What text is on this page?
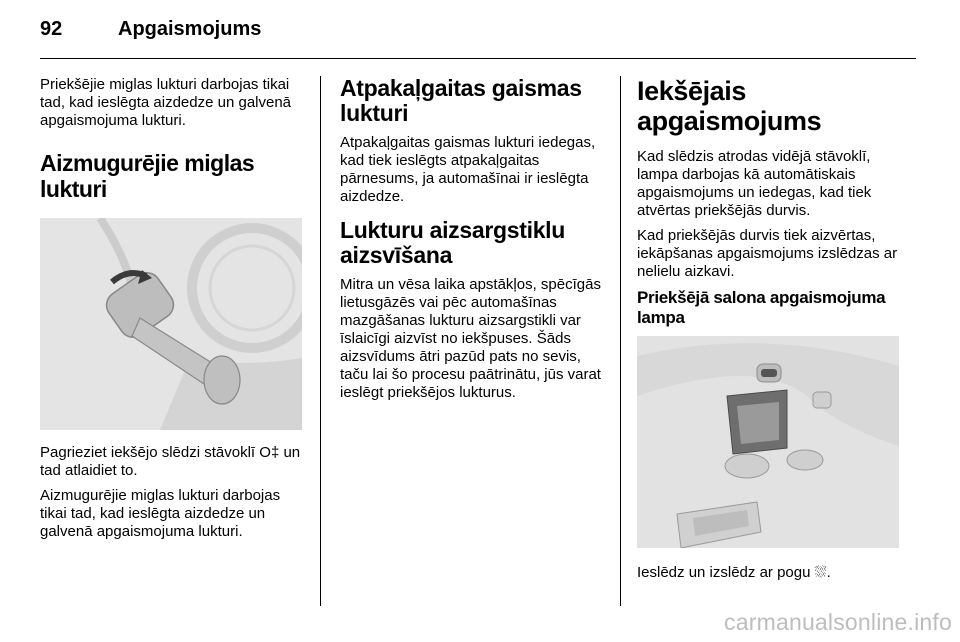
92	Apgaismojums

Priekšējie miglas lukturi darbojas tikai tad, kad ieslēgta aizdedze un galvenā apgaismojuma lukturi.

Aizmugurējie miglas lukturi

Pagrieziet iekšējo slēdzi stāvoklī O‡ un tad atlaidiet to.

Aizmugurējie miglas lukturi darbojas tikai tad, kad ieslēgta aizdedze un galvenā apgaismojuma lukturi.

Atpakaļgaitas gaismas lukturi

Atpakaļgaitas gaismas lukturi iedegas, kad tiek ieslēgts atpakaļgaitas pārnesums, ja automašīnai ir ieslēgta aizdedze.

Lukturu aizsargstiklu aizsvīšana

Mitra un vēsa laika apstākļos, spēcīgās lietusgāzēs vai pēc automašīnas mazgāšanas lukturu aizsargstikli var īslaicīgi aizvīst no iekšpuses. Šāds aizsvīdums ātri pazūd pats no sevis, taču lai šo procesu paātrinātu, jūs varat ieslēgt priekšējos lukturus.

Iekšējais apgaismojums

Kad slēdzis atrodas vidējā stāvoklī, lampa darbojas kā automātiskais apgaismojums un iedegas, kad tiek atvērtas priekšējās durvis.

Kad priekšējās durvis tiek aizvērtas, iekāpšanas apgaismojums izslēdzas ar nelielu aizkavi.

Priekšējā salona apgaismojuma lampa

Ieslēdz un izslēdz ar pogu ⛆.

carmanualsonline.info
